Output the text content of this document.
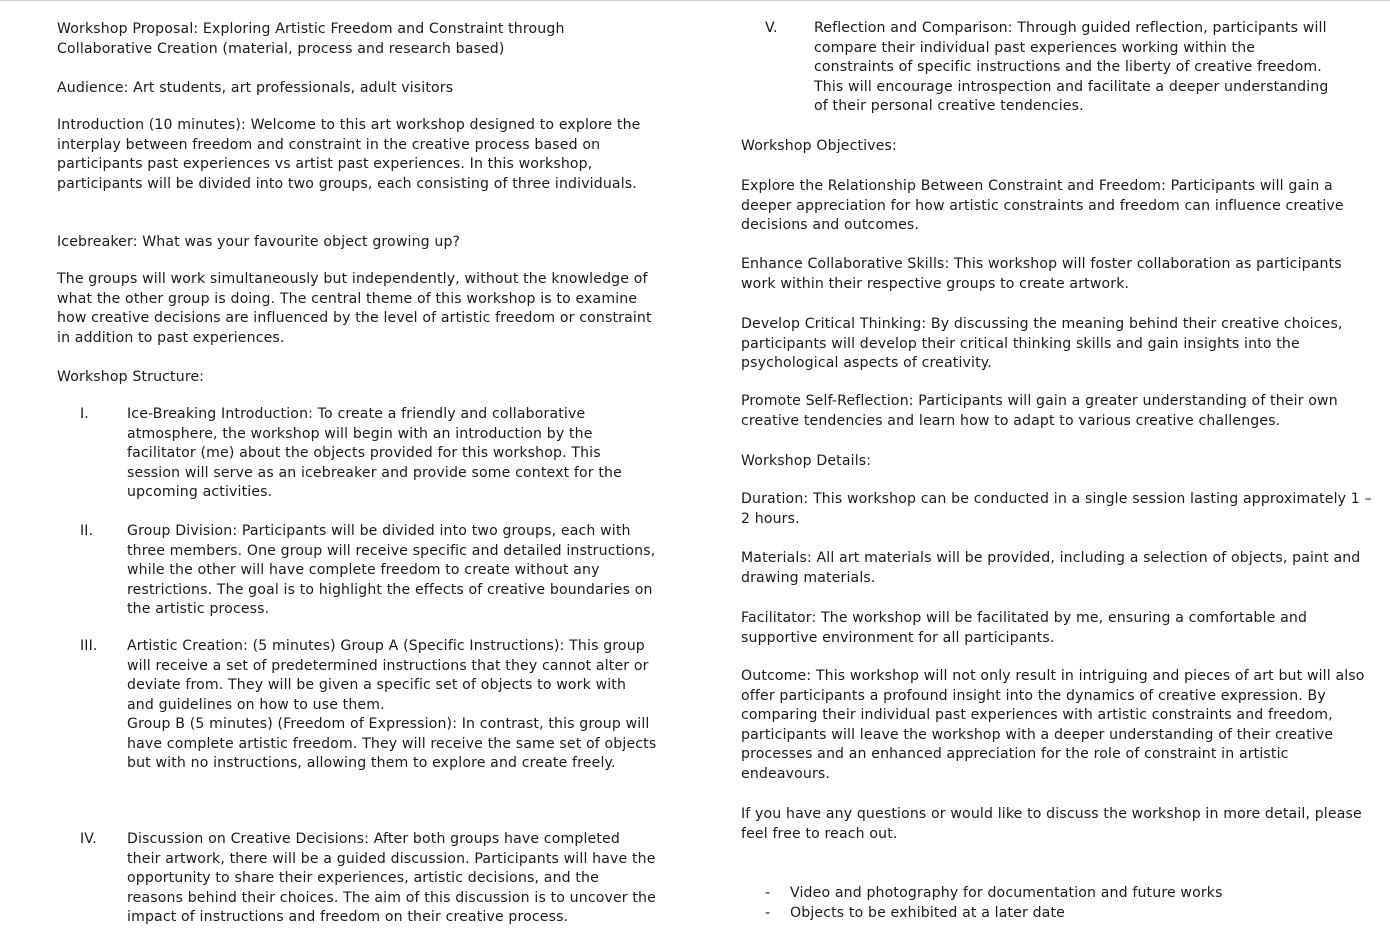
Workshop Proposal: Exploring Artistic Freedom and Constraint through Collaborative Creation (material, process and research based)

Audience: Art students, art professionals, adult visitors

Introduction (10 minutes): Welcome to this art workshop designed to explore the interplay between freedom and constraint in the creative process based on participants past experiences vs artist past experiences. In this workshop, participants will be divided into two groups, each consisting of three individuals.

Icebreaker: What was your favourite object growing up?

The groups will work simultaneously but independently, without the knowledge of what the other group is doing. The central theme of this workshop is to examine how creative decisions are influenced by the level of artistic freedom or constraint in addition to past experiences.

Workshop Structure:

I.	Ice-Breaking Introduction: To create a friendly and collaborative atmosphere, the workshop will begin with an introduction by the facilitator (me) about the objects provided for this workshop. This session will serve as an icebreaker and provide some context for the upcoming activities.

II. Group Division: Participants will be divided into two groups, each with three members. One group will receive specific and detailed instructions, while the other will have complete freedom to create without any restrictions. The goal is to highlight the effects of creative boundaries on the artistic process.

III. Artistic Creation: (5 minutes) Group A (Specific Instructions): This group will receive a set of predetermined instructions that they cannot alter or deviate from. They will be given a specific set of objects to work with and guidelines on how to use them.

Group B (5 minutes) (Freedom of Expression): In contrast, this group will have complete artistic freedom. They will receive the same set of objects but with no instructions, allowing them to explore and create freely.

IV. Discussion on Creative Decisions: After both groups have completed their artwork, there will be a guided discussion. Participants will have the opportunity to share their experiences, artistic decisions, and the reasons behind their choices. The aim of this discussion is to uncover the impact of instructions and freedom on their creative process.

V.	Reflection and Comparison: Through guided reflection, participants will compare their individual past experiences working within the constraints of specific instructions and the liberty of creative freedom. This will encourage introspection and facilitate a deeper understanding of their personal creative tendencies.

Workshop Objectives:

Explore the Relationship Between Constraint and Freedom: Participants will gain a deeper appreciation for how artistic constraints and freedom can influence creative decisions and outcomes.

Enhance Collaborative Skills: This workshop will foster collaboration as participants work within their respective groups to create artwork.

Develop Critical Thinking: By discussing the meaning behind their creative choices, participants will develop their critical thinking skills and gain insights into the psychological aspects of creativity.

Promote Self-Reflection: Participants will gain a greater understanding of their own creative tendencies and learn how to adapt to various creative challenges.

Workshop Details:

Duration: This workshop can be conducted in a single session lasting approximately 1 – 2 hours.

Materials: All art materials will be provided, including a selection of objects, paint and drawing materials.

Facilitator: The workshop will be facilitated by me, ensuring a comfortable and supportive environment for all participants.

Outcome: This workshop will not only result in intriguing and pieces of art but will also offer participants a profound insight into the dynamics of creative expression. By comparing their individual past experiences with artistic constraints and freedom, participants will leave the workshop with a deeper understanding of their creative processes and an enhanced appreciation for the role of constraint in artistic endeavours.

If you have any questions or would like to discuss the workshop in more detail, please feel free to reach out.

- Video and photography for documentation and future works
- Objects to be exhibited at a later date
